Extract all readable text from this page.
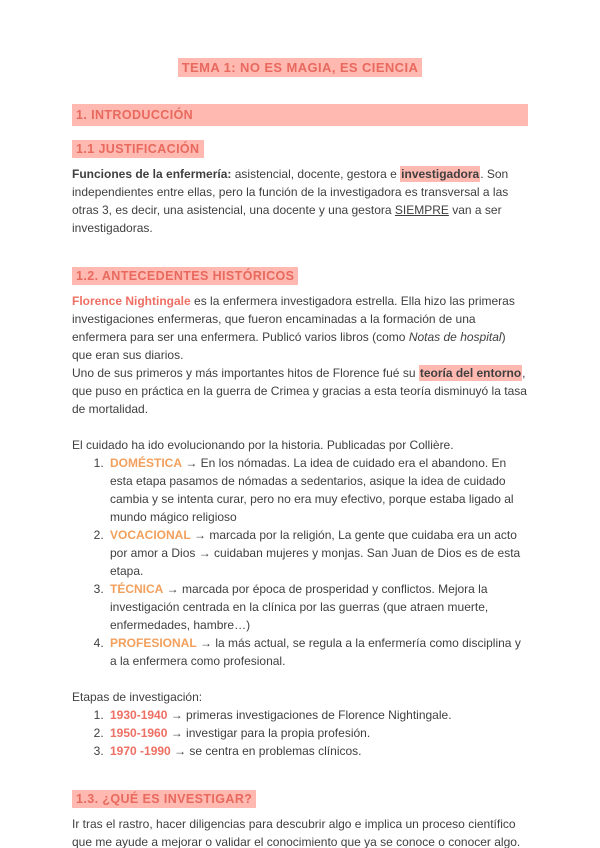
TEMA 1: NO ES MAGIA, ES CIENCIA
1. INTRODUCCIÓN
1.1 JUSTIFICACIÓN

Funciones de la enfermería: asistencial, docente, gestora e investigadora. Son independientes entre ellas, pero la función de la investigadora es transversal a las otras 3, es decir, una asistencial, una docente y una gestora SIEMPRE van a ser investigadoras.

1.2. ANTECEDENTES HISTÓRICOS

Florence Nightingale es la enfermera investigadora estrella. Ella hizo las primeras investigaciones enfermeras, que fueron encaminadas a la formación de una enfermera para ser una enfermera. Publicó varios libros (como Notas de hospital) que eran sus diarios.

Uno de sus primeros y más importantes hitos de Florence fué su teoría del entorno, que puso en práctica en la guerra de Crimea y gracias a esta teoría disminuyó la tasa de mortalidad.

El cuidado ha ido evolucionando por la historia. Publicadas por Collière.

1. DOMÉSTICA → En los nómadas. La idea de cuidado era el abandono. En esta etapa pasamos de nómadas a sedentarios, asique la idea de cuidado cambia y se intenta curar, pero no era muy efectivo, porque estaba ligado al mundo mágico religioso
2. VOCACIONAL → marcada por la religión, La gente que cuidaba era un acto por amor a Dios → cuidaban mujeres y monjas. San Juan de Dios es de esta etapa.
3. TÉCNICA → marcada por época de prosperidad y conflictos. Mejora la investigación centrada en la clínica por las guerras (que atraen muerte, enfermedades, hambre…)
4. PROFESIONAL → la más actual, se regula a la enfermería como disciplina y a la enfermera como profesional.

Etapas de investigación:

1. 1930-1940 → primeras investigaciones de Florence Nightingale.
2. 1950-1960 → investigar para la propia profesión.
3. 1970 -1990 → se centra en problemas clínicos.
1.3. ¿QUÉ ES INVESTIGAR?

Ir tras el rastro, hacer diligencias para descubrir algo e implica un proceso científico que me ayude a mejorar o validar el conocimiento que ya se conoce o conocer algo.
